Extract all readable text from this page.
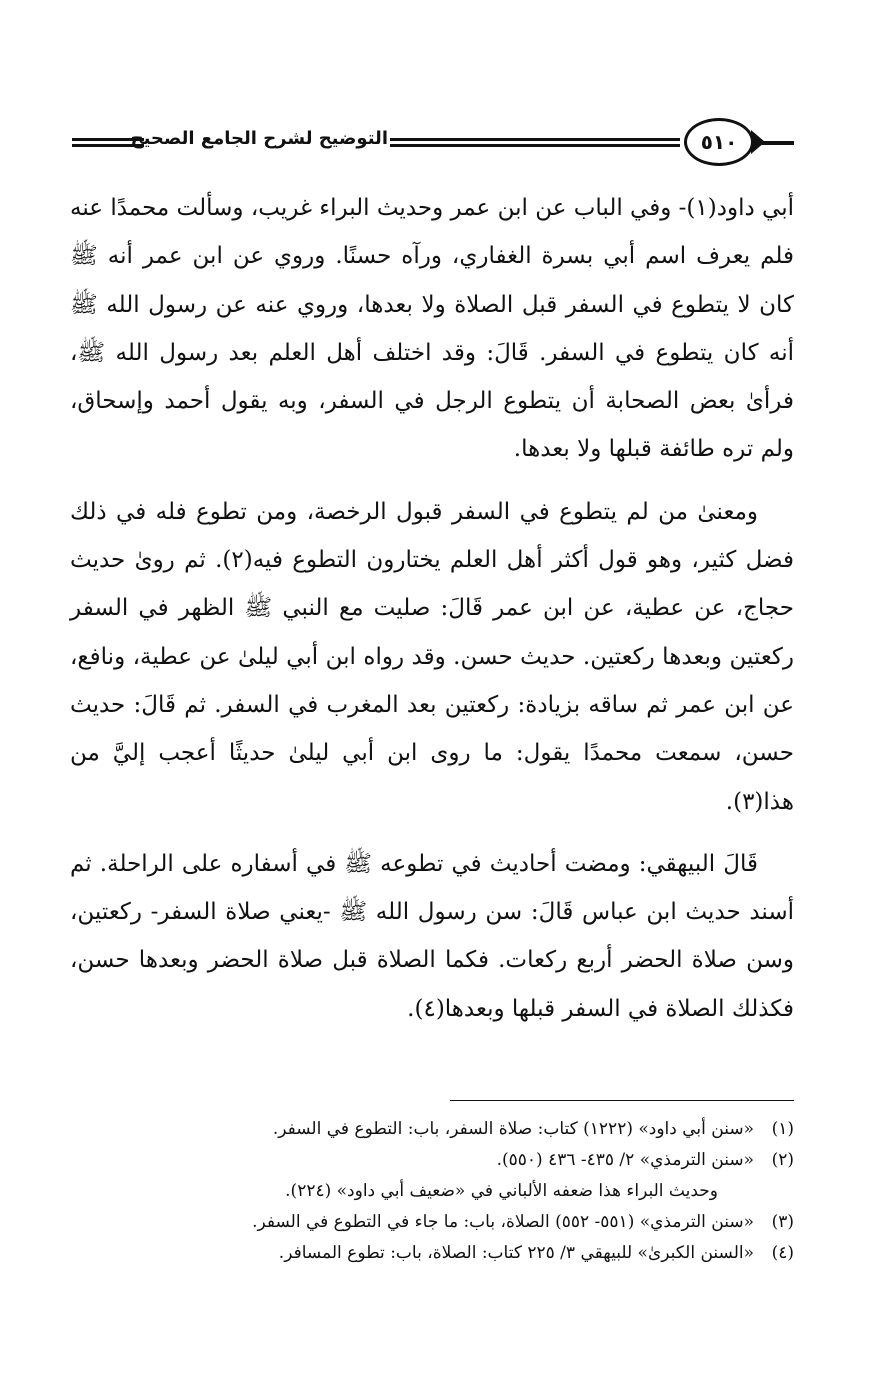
التوضيح لشرح الجامع الصحيح	٥١٠

أبي داود(١)- وفي الباب عن ابن عمر وحديث البراء غريب، وسألت محمدًا عنه فلم يعرف اسم أبي بسرة الغفاري، ورآه حسنًا. وروي عن ابن عمر أنه ﷺ كان لا يتطوع في السفر قبل الصلاة ولا بعدها، وروي عنه عن رسول الله ﷺ أنه كان يتطوع في السفر. قَالَ: وقد اختلف أهل العلم بعد رسول الله ﷺ، فرأىٰ بعض الصحابة أن يتطوع الرجل في السفر، وبه يقول أحمد وإسحاق، ولم تره طائفة قبلها ولا بعدها.

ومعنىٰ من لم يتطوع في السفر قبول الرخصة، ومن تطوع فله في ذلك فضل كثير، وهو قول أكثر أهل العلم يختارون التطوع فيه(٢). ثم روىٰ حديث حجاج، عن عطية، عن ابن عمر قَالَ: صليت مع النبي ﷺ الظهر في السفر ركعتين وبعدها ركعتين. حديث حسن. وقد رواه ابن أبي ليلىٰ عن عطية، ونافع، عن ابن عمر ثم ساقه بزيادة: ركعتين بعد المغرب في السفر. ثم قَالَ: حديث حسن، سمعت محمدًا يقول: ما روى ابن أبي ليلىٰ حديثًا أعجب إليَّ من هذا(٣).

قَالَ البيهقي: ومضت أحاديث في تطوعه ﷺ في أسفاره على الراحلة. ثم أسند حديث ابن عباس قَالَ: سن رسول الله ﷺ -يعني صلاة السفر- ركعتين، وسن صلاة الحضر أربع ركعات. فكما الصلاة قبل صلاة الحضر وبعدها حسن، فكذلك الصلاة في السفر قبلها وبعدها(٤).

(١)
«سنن أبي داود» (١٢٢٢) كتاب: صلاة السفر، باب: التطوع في السفر.
(٢)
«سنن الترمذي» ٢/ ٤٣٥- ٤٣٦ (٥٥٠).
وحديث البراء هذا ضعفه الألباني في «ضعيف أبي داود» (٢٢٤).
(٣)
«سنن الترمذي» (٥٥١- ٥٥٢) الصلاة، باب: ما جاء في التطوع في السفر.
(٤)
«السنن الكبرىٰ» للبيهقي ٣/ ٢٢٥ كتاب: الصلاة، باب: تطوع المسافر.
